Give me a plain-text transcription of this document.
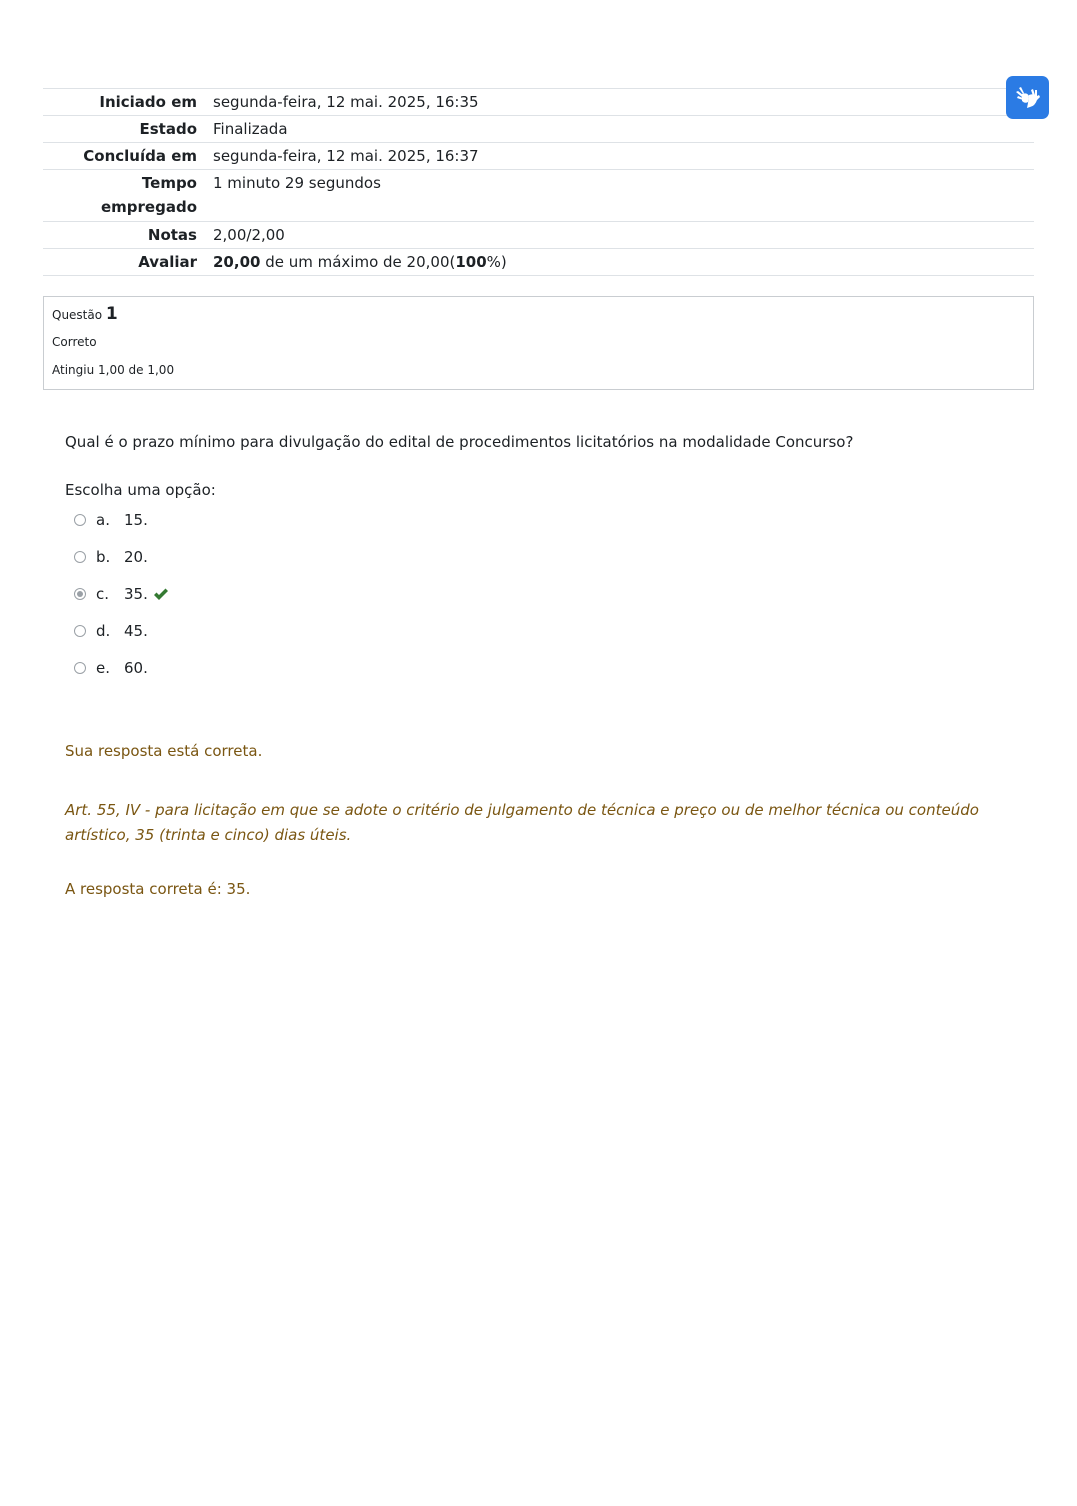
Iniciado em	segunda-feira, 12 mai. 2025, 16:35
Estado	Finalizada
Concluída em	segunda-feira, 12 mai. 2025, 16:37
Tempo
empregado	1 minuto 29 segundos
Notas	2,00/2,00
Avaliar	20,00 de um máximo de 20,00(100%)
Questão 1
Correto
Atingiu 1,00 de 1,00
Qual é o prazo mínimo para divulgação do edital de procedimentos licitatórios na modalidade Concurso?
Escolha uma opção:
a. 15.
b. 20.
c. 35.
d. 45.
e. 60.
Sua resposta está correta.
Art. 55, IV - para licitação em que se adote o critério de julgamento de técnica e preço ou de melhor técnica ou conteúdo artístico, 35 (trinta e cinco) dias úteis.
A resposta correta é: 35.
